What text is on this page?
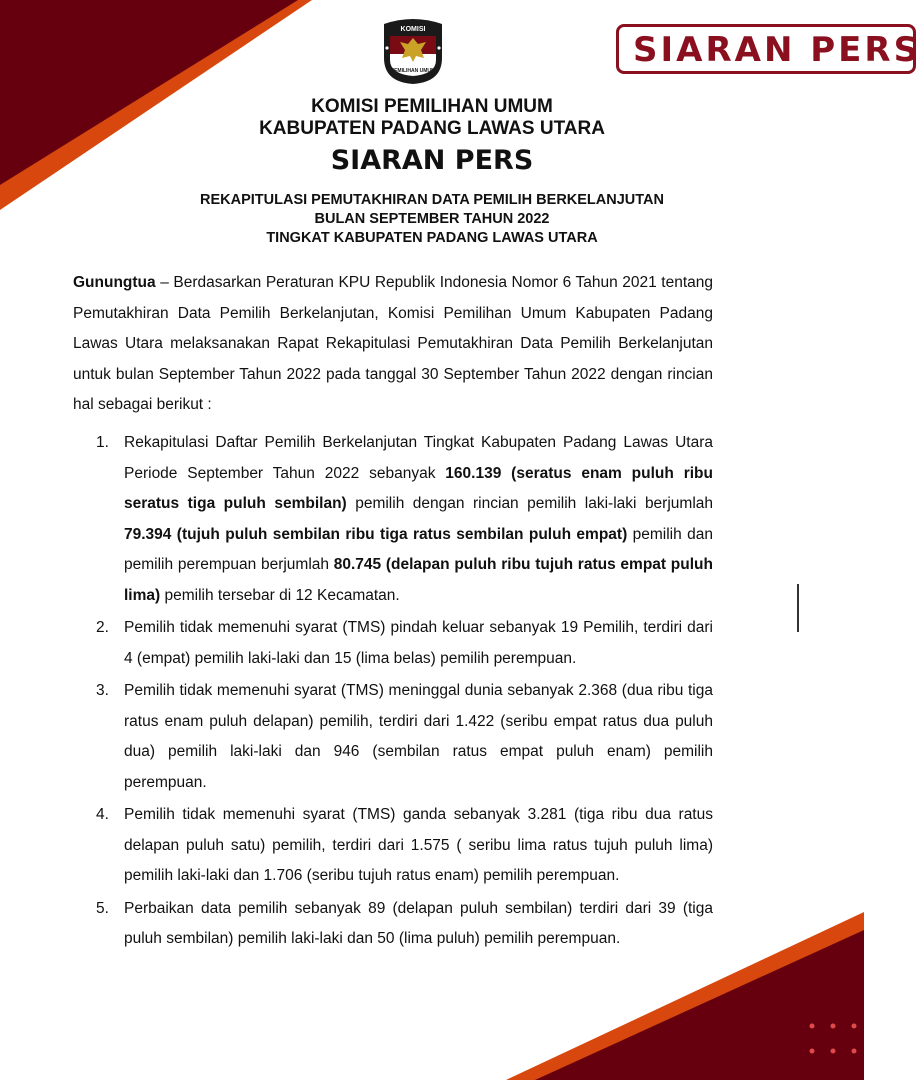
KOMISI
PEMILIHAN UMUM
SIARAN PERS
KOMISI PEMILIHAN UMUM
KABUPATEN PADANG LAWAS UTARA
SIARAN PERS
REKAPITULASI PEMUTAKHIRAN DATA PEMILIH BERKELANJUTAN
BULAN SEPTEMBER TAHUN 2022
TINGKAT KABUPATEN PADANG LAWAS UTARA
Gunungtua – Berdasarkan Peraturan KPU Republik Indonesia Nomor 6 Tahun 2021 tentang Pemutakhiran Data Pemilih Berkelanjutan, Komisi Pemilihan Umum Kabupaten Padang Lawas Utara melaksanakan Rapat Rekapitulasi Pemutakhiran Data Pemilih Berkelanjutan untuk bulan September Tahun 2022 pada tanggal 30 September Tahun 2022 dengan rincian hal sebagai berikut :
1. Rekapitulasi Daftar Pemilih Berkelanjutan Tingkat Kabupaten Padang Lawas Utara Periode September Tahun 2022 sebanyak 160.139 (seratus enam puluh ribu seratus tiga puluh sembilan) pemilih dengan rincian pemilih laki-laki berjumlah 79.394 (tujuh puluh sembilan ribu tiga ratus sembilan puluh empat) pemilih dan pemilih perempuan berjumlah 80.745 (delapan puluh ribu tujuh ratus empat puluh lima) pemilih tersebar di 12 Kecamatan.
2. Pemilih tidak memenuhi syarat (TMS) pindah keluar sebanyak 19 Pemilih, terdiri dari 4 (empat) pemilih laki-laki dan 15 (lima belas) pemilih perempuan.
3. Pemilih tidak memenuhi syarat (TMS) meninggal dunia sebanyak 2.368 (dua ribu tiga ratus enam puluh delapan) pemilih, terdiri dari 1.422 (seribu empat ratus dua puluh dua) pemilih laki-laki dan 946 (sembilan ratus empat puluh enam) pemilih perempuan.
4. Pemilih tidak memenuhi syarat (TMS) ganda sebanyak 3.281 (tiga ribu dua ratus delapan puluh satu) pemilih, terdiri dari 1.575 ( seribu lima ratus tujuh puluh lima) pemilih laki-laki dan 1.706 (seribu tujuh ratus enam) pemilih perempuan.
5. Perbaikan data pemilih sebanyak 89 (delapan puluh sembilan) terdiri dari 39 (tiga puluh sembilan) pemilih laki-laki dan 50 (lima puluh) pemilih perempuan.
